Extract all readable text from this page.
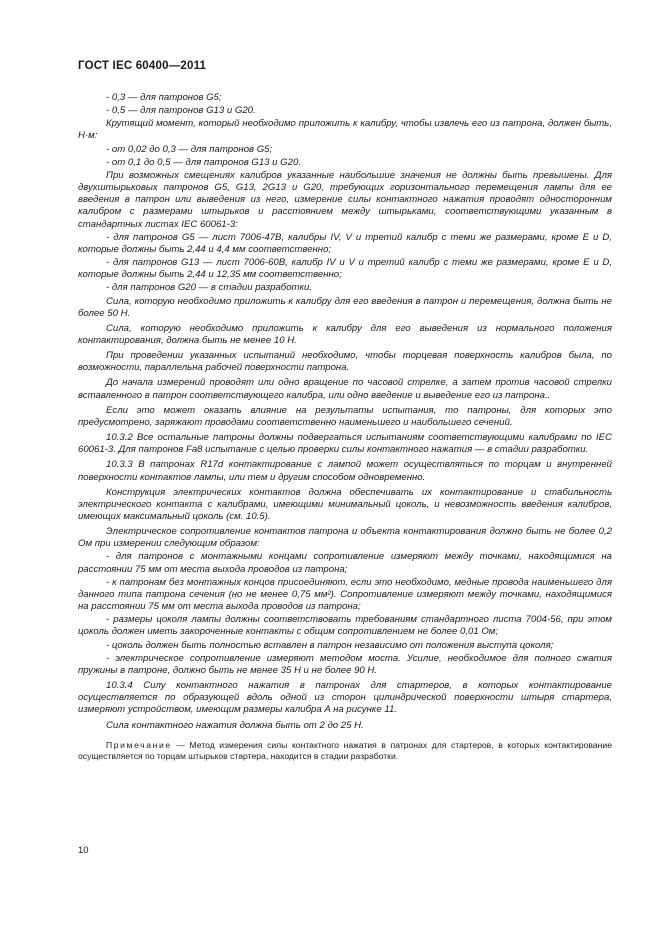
ГОСТ IEC 60400—2011

- 0,3 — для патронов G5;

- 0,5 — для патронов G13 и G20.

Крутящий момент, который необходимо приложить к калибру, чтобы извлечь его из патрона, должен быть, Н·м:

- от 0,02 до 0,3 — для патронов G5;

- от 0,1 до 0,5 — для патронов G13 и G20.

При возможных смещениях калибров указанные наибольшие значения не должны быть превышены. Для двухштырьковых патронов G5, G13, 2G13 и G20, требующих горизонтального перемещения лампы для ее введения в патрон или выведения из него, измерение силы контактного нажатия проводят односторонним калибром с размерами штырьков и расстоянием между штырьками, соответствующими указанным в стандартных листах IEC 60061-3:

- для патронов G5 — лист 7006-47B, калибры IV, V и третий калибр с теми же размерами, кроме E и D, которые должны быть 2,44 и 4,4 мм соответственно;

- для патронов G13 — лист 7006-60B, калибр IV и V и третий калибр с теми же размерами, кроме E и D, которые должны быть 2,44 и 12,35 мм соответственно;

- для патронов G20 — в стадии разработки.

Сила, которую необходимо приложить к калибру для его введения в патрон и перемещения, должна быть не более 50 Н.

Сила, которую необходимо приложить к калибру для его выведения из нормального положения контактирования, должна быть не менее 10 Н.

При проведении указанных испытаний необходимо, чтобы торцевая поверхность калибров была, по возможности, параллельна рабочей поверхности патрона.

До начала измерений проводят или одно вращение по часовой стрелке, а затем против часовой стрелки вставленного в патрон соответствующего калибра, или одно введение и выведение его из патрона..

Если это может оказать влияние на результаты испытания, то патроны, для которых это предусмотрено, заряжают проводами соответственно наименьшего и наибольшего сечений.

10.3.2 Все остальные патроны должны подвергаться испытаниям соответствующими калибрами по IEC 60061-3. Для патронов Fa8 испытание с целью проверки силы контактного нажатия — в стадии разработки.

10.3.3 В патронах R17d контактирование с лампой может осуществляться по торцам и внутренней поверхности контактов лампы, или тем и другим способом одновременно.

Конструкция электрических контактов должна обеспечивать их контактирование и стабильность электрического контакта с калибрами, имеющими минимальный цоколь, и невозможность введения калибров, имеющих максимальный цоколь (см. 10.5).

Электрическое сопротивление контактов патрона и объекта контактирования должно быть не более 0,2 Ом при измерении следующим образом:

- для патронов с монтажными концами сопротивление измеряют между точками, находящимися на расстоянии 75 мм от места выхода проводов из патрона;

- к патронам без монтажных концов присоединяют, если это необходимо, медные провода наименьшего для данного типа патрона сечения (но не менее 0,75 мм²). Сопротивление измеряют между точками, находящимися на расстоянии 75 мм от места выхода проводов из патрона;

- размеры цоколя лампы должны соответствовать требованиям стандартного листа 7004-56, при этом цоколь должен иметь закороченные контакты с общим сопротивлением не более 0,01 Ом;

- цоколь должен быть полностью вставлен в патрон независимо от положения выступа цоколя;

- электрическое сопротивление измеряют методом моста. Усилие, необходимое для полного сжатия пружины в патроне, должно быть не менее 35 Н и не более 90 Н.

10.3.4 Силу контактного нажатия в патронах для стартеров, в которых контактирование осуществляется по образующей вдоль одной из сторон цилиндрической поверхности штыря стартера, измеряют устройством, имеющим размеры калибра A на рисунке 11.

Сила контактного нажатия должна быть от 2 до 25 Н.

Примечание — Метод измерения силы контактного нажатия в патронах для стартеров, в которых контактирование осуществляется по торцам штырьков стартера, находится в стадии разработки.

10
